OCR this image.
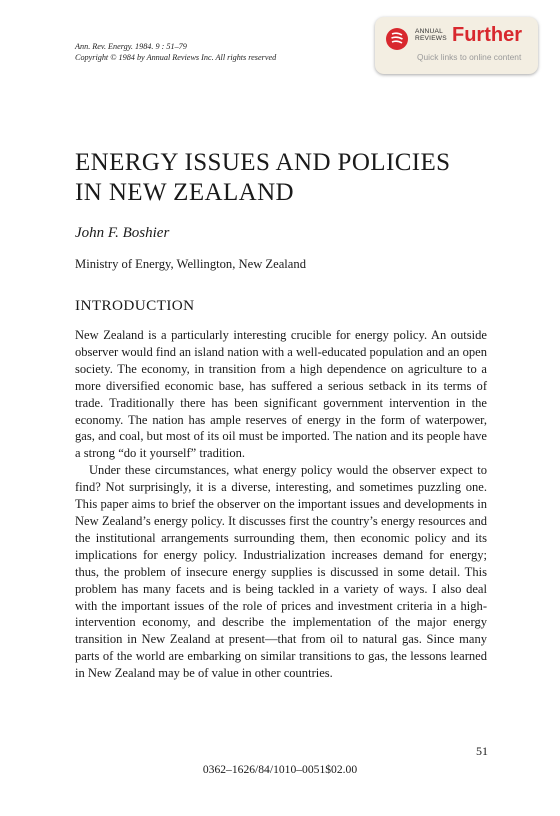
Ann. Rev. Energy. 1984. 9 : 51–79
Copyright © 1984 by Annual Reviews Inc. All rights reserved
ANNUAL
REVIEWS Further
Quick links to online content
ENERGY ISSUES AND POLICIES
IN NEW ZEALAND
John F. Boshier
Ministry of Energy, Wellington, New Zealand
INTRODUCTION

New Zealand is a particularly interesting crucible for energy policy. An outside observer would find an island nation with a well-educated population and an open society. The economy, in transition from a high dependence on agriculture to a more diversified economic base, has suffered a serious setback in its terms of trade. Traditionally there has been significant government intervention in the economy. The nation has ample reserves of energy in the form of waterpower, gas, and coal, but most of its oil must be imported. The nation and its people have a strong “do it yourself” tradition.

Under these circumstances, what energy policy would the observer expect to find? Not surprisingly, it is a diverse, interesting, and sometimes puzzling one. This paper aims to brief the observer on the important issues and developments in New Zealand’s energy policy. It discusses first the country’s energy resources and the institutional arrangements surrounding them, then economic policy and its implications for energy policy. Industrialization increases demand for energy; thus, the problem of insecure energy supplies is discussed in some detail. This problem has many facets and is being tackled in a variety of ways. I also deal with the important issues of the role of prices and investment criteria in a high-intervention economy, and describe the implementation of the major energy transition in New Zealand at present—that from oil to natural gas. Since many parts of the world are embarking on similar transitions to gas, the lessons learned in New Zealand may be of value in other countries.

51
0362–1626/84/1010–0051$02.00
